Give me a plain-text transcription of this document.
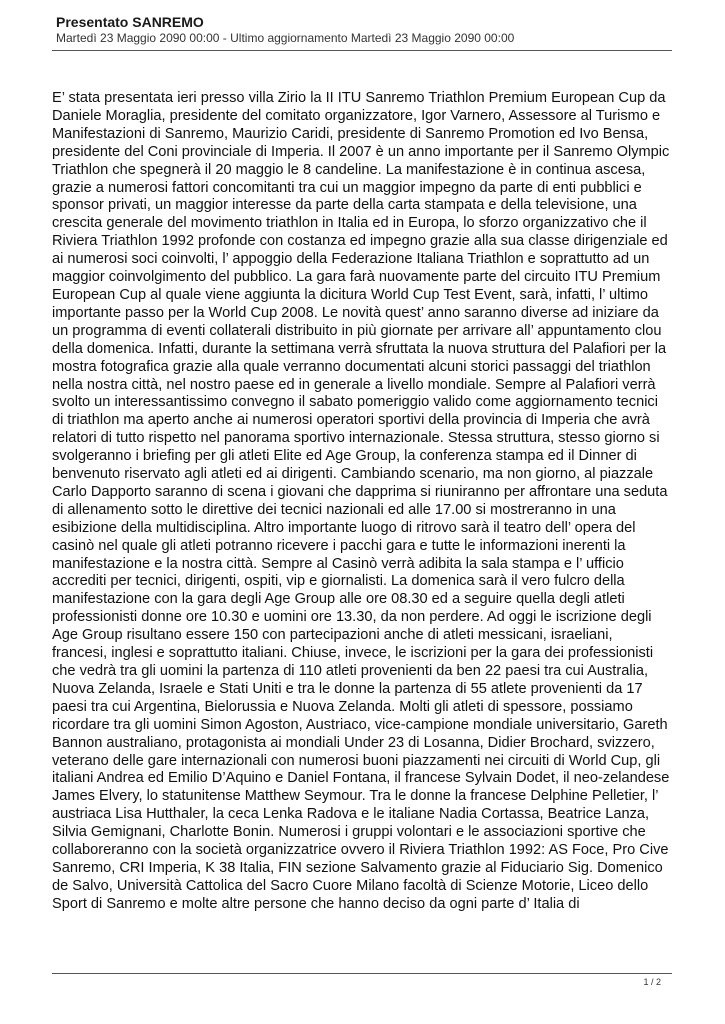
Presentato SANREMO
Martedì 23 Maggio 2090 00:00 - Ultimo aggiornamento Martedì 23 Maggio 2090 00:00

E’ stata presentata ieri presso villa Zirio la II ITU Sanremo Triathlon Premium European Cup da Daniele Moraglia, presidente del comitato organizzatore, Igor Varnero, Assessore al Turismo e Manifestazioni di Sanremo, Maurizio Caridi, presidente di Sanremo Promotion ed Ivo Bensa, presidente del Coni provinciale di Imperia. Il 2007 è un anno importante per il Sanremo Olympic Triathlon che spegnerà il 20 maggio le 8 candeline. La manifestazione è in continua ascesa, grazie a numerosi fattori concomitanti tra cui un maggior impegno da parte di enti pubblici e sponsor privati, un maggior interesse da parte della carta stampata e della televisione, una crescita generale del movimento triathlon in Italia ed in Europa, lo sforzo organizzativo che il Riviera Triathlon 1992 profonde con costanza ed impegno grazie alla sua classe dirigenziale ed ai numerosi soci coinvolti, l’ appoggio della Federazione Italiana Triathlon e soprattutto ad un maggior coinvolgimento del pubblico. La gara farà nuovamente parte del circuito ITU Premium European Cup al quale viene aggiunta la dicitura World Cup Test Event, sarà, infatti, l’ ultimo importante passo per la World Cup 2008. Le novità quest’ anno saranno diverse ad iniziare da un programma di eventi collaterali distribuito in più giornate per arrivare all’ appuntamento clou della domenica. Infatti, durante la settimana verrà sfruttata la nuova struttura del Palafiori per la mostra fotografica grazie alla quale verranno documentati alcuni storici passaggi del triathlon nella nostra città, nel nostro paese ed in generale a livello mondiale. Sempre al Palafiori verrà svolto un interessantissimo convegno il sabato pomeriggio valido come aggiornamento tecnici di triathlon ma aperto anche ai numerosi operatori sportivi della provincia di Imperia che avrà relatori di tutto rispetto nel panorama sportivo internazionale. Stessa struttura, stesso giorno si svolgeranno i briefing per gli atleti Elite ed Age Group, la conferenza stampa ed il Dinner di benvenuto riservato agli atleti ed ai dirigenti. Cambiando scenario, ma non giorno, al piazzale Carlo Dapporto saranno di scena i giovani che dapprima si riuniranno per affrontare una seduta di allenamento sotto le direttive dei tecnici nazionali ed alle 17.00 si mostreranno in una esibizione della multidisciplina. Altro importante luogo di ritrovo sarà il teatro dell’ opera del casinò nel quale gli atleti potranno ricevere i pacchi gara e tutte le informazioni inerenti la manifestazione e la nostra città. Sempre al Casinò verrà adibita la sala stampa e l’ ufficio accrediti per tecnici, dirigenti, ospiti, vip e giornalisti. La domenica sarà il vero fulcro della manifestazione con la gara degli Age Group alle ore 08.30 ed a seguire quella degli atleti professionisti donne ore 10.30 e uomini ore 13.30, da non perdere. Ad oggi le iscrizione degli Age Group risultano essere 150 con partecipazioni anche di atleti messicani, israeliani, francesi, inglesi e soprattutto italiani. Chiuse, invece, le iscrizioni per la gara dei professionisti che vedrà tra gli uomini la partenza di 110 atleti provenienti da ben 22 paesi tra cui Australia, Nuova Zelanda, Israele e Stati Uniti e tra le donne la partenza di 55 atlete provenienti da 17 paesi tra cui Argentina, Bielorussia e Nuova Zelanda. Molti gli atleti di spessore, possiamo ricordare tra gli uomini Simon Agoston, Austriaco, vice-campione mondiale universitario, Gareth Bannon australiano, protagonista ai mondiali Under 23 di Losanna, Didier Brochard, svizzero, veterano delle gare internazionali con numerosi buoni piazzamenti nei circuiti di World Cup, gli italiani Andrea ed Emilio D’Aquino e Daniel Fontana, il francese Sylvain Dodet, il neo-zelandese James Elvery, lo statunitense Matthew Seymour. Tra le donne la francese Delphine Pelletier, l’ austriaca Lisa Hutthaler, la ceca Lenka Radova e le italiane Nadia Cortassa, Beatrice Lanza, Silvia Gemignani, Charlotte Bonin. Numerosi i gruppi volontari e le associazioni sportive che collaboreranno con la società organizzatrice ovvero il Riviera Triathlon 1992: AS Foce, Pro Cive Sanremo, CRI Imperia, K 38 Italia, FIN sezione Salvamento grazie al Fiduciario Sig. Domenico de Salvo, Università Cattolica del Sacro Cuore Milano facoltà di Scienze Motorie, Liceo dello Sport di Sanremo e molte altre persone che hanno deciso da ogni parte d’ Italia di

1 / 2
